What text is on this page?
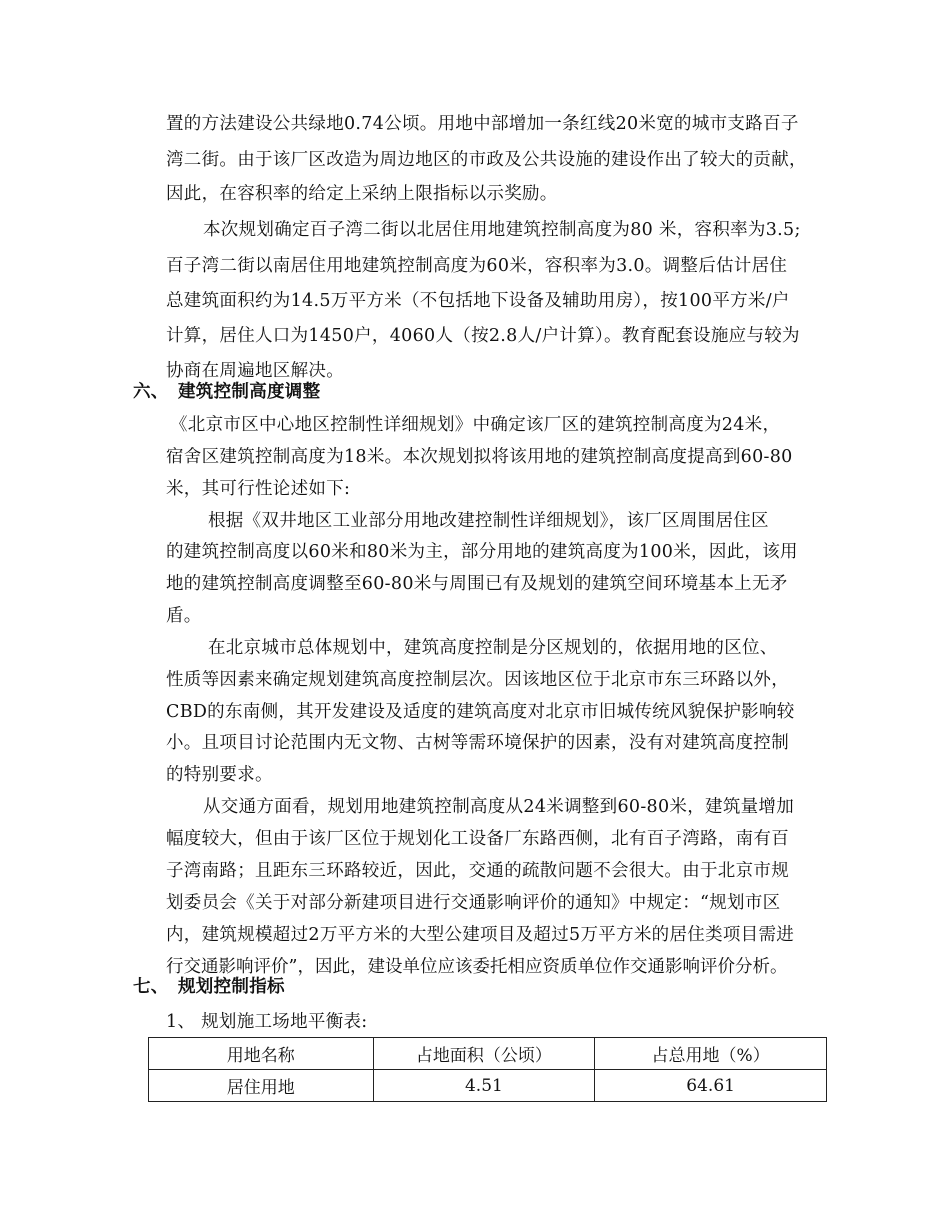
置的方法建设公共绿地0.74公顷。用地中部增加一条红线20米宽的城市支路百子
湾二街。由于该厂区改造为周边地区的市政及公共设施的建设作出了较大的贡献，
因此，在容积率的给定上采纳上限指标以示奖励。
本次规划确定百子湾二街以北居住用地建筑控制高度为80 米，容积率为3.5;
百子湾二街以南居住用地建筑控制高度为60米，容积率为3.0。调整后估计居住
总建筑面积约为14.5万平方米（不包括地下设备及辅助用房），按100平方米/户
计算，居住人口为1450户，4060人（按2.8人/户计算）。教育配套设施应与较为
协商在周遍地区解决。
六、 建筑控制高度调整
《北京市区中心地区控制性详细规划》中确定该厂区的建筑控制高度为24米，
宿舍区建筑控制高度为18米。本次规划拟将该用地的建筑控制高度提高到60-80
米，其可行性论述如下:
根据《双井地区工业部分用地改建控制性详细规划》，该厂区周围居住区
的建筑控制高度以60米和80米为主，部分用地的建筑高度为100米，因此，该用
地的建筑控制高度调整至60-80米与周围已有及规划的建筑空间环境基本上无矛
盾。
在北京城市总体规划中，建筑高度控制是分区规划的，依据用地的区位、
性质等因素来确定规划建筑高度控制层次。因该地区位于北京市东三环路以外，
CBD的东南侧，其开发建设及适度的建筑高度对北京市旧城传统风貌保护影响较
小。且项目讨论范围内无文物、古树等需环境保护的因素，没有对建筑高度控制
的特别要求。
从交通方面看，规划用地建筑控制高度从24米调整到60-80米，建筑量增加
幅度较大，但由于该厂区位于规划化工设备厂东路西侧，北有百子湾路，南有百
子湾南路；且距东三环路较近，因此，交通的疏散问题不会很大。由于北京市规
划委员会《关于对部分新建项目进行交通影响评价的通知》中规定：“规划市区
内，建筑规模超过2万平方米的大型公建项目及超过5万平方米的居住类项目需进
行交通影响评价”，因此，建设单位应该委托相应资质单位作交通影响评价分析。
七、 规划控制指标
1、 规划施工场地平衡表:
用地名称	占地面积（公顷）	占总用地（%）
居住用地	4.51	64.61
